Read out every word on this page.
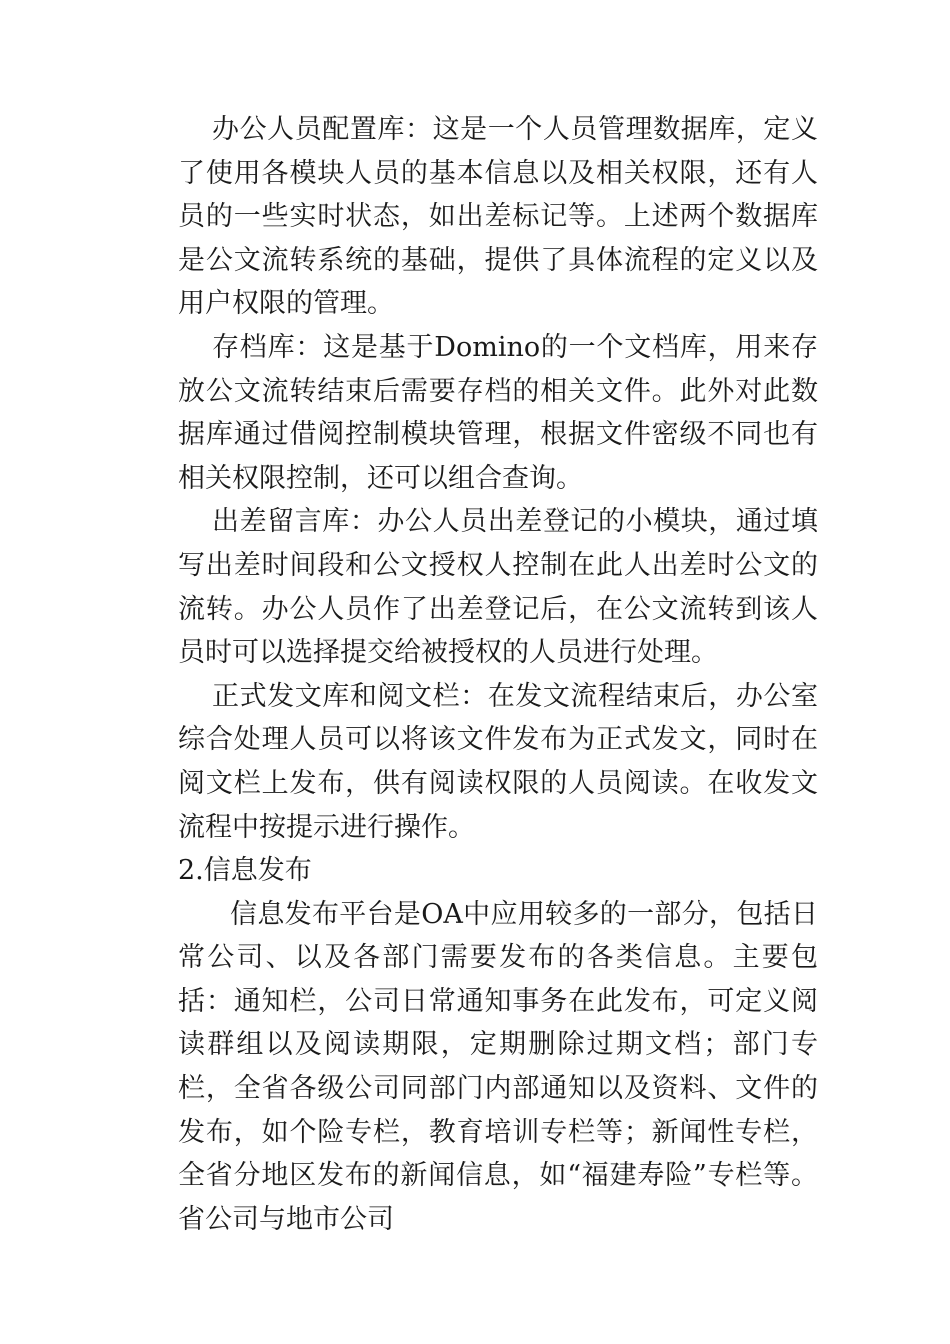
办公人员配置库：这是一个人员管理数据库，定义了使用各模块人员的基本信息以及相关权限，还有人员的一些实时状态，如出差标记等。上述两个数据库是公文流转系统的基础，提供了具体流程的定义以及用户权限的管理。

存档库：这是基于Domino的一个文档库，用来存放公文流转结束后需要存档的相关文件。此外对此数据库通过借阅控制模块管理，根据文件密级不同也有相关权限控制，还可以组合查询。

出差留言库：办公人员出差登记的小模块，通过填写出差时间段和公文授权人控制在此人出差时公文的流转。办公人员作了出差登记后，在公文流转到该人员时可以选择提交给被授权的人员进行处理。

正式发文库和阅文栏：在发文流程结束后，办公室综合处理人员可以将该文件发布为正式发文，同时在阅文栏上发布，供有阅读权限的人员阅读。在收发文流程中按提示进行操作。

2.信息发布

信息发布平台是OA中应用较多的一部分，包括日常公司、以及各部门需要发布的各类信息。主要包括：通知栏，公司日常通知事务在此发布，可定义阅读群组以及阅读期限，定期删除过期文档；部门专栏，全省各级公司同部门内部通知以及资料、文件的发布，如个险专栏，教育培训专栏等；新闻性专栏，全省分地区发布的新闻信息，如“福建寿险”专栏等。省公司与地市公司
